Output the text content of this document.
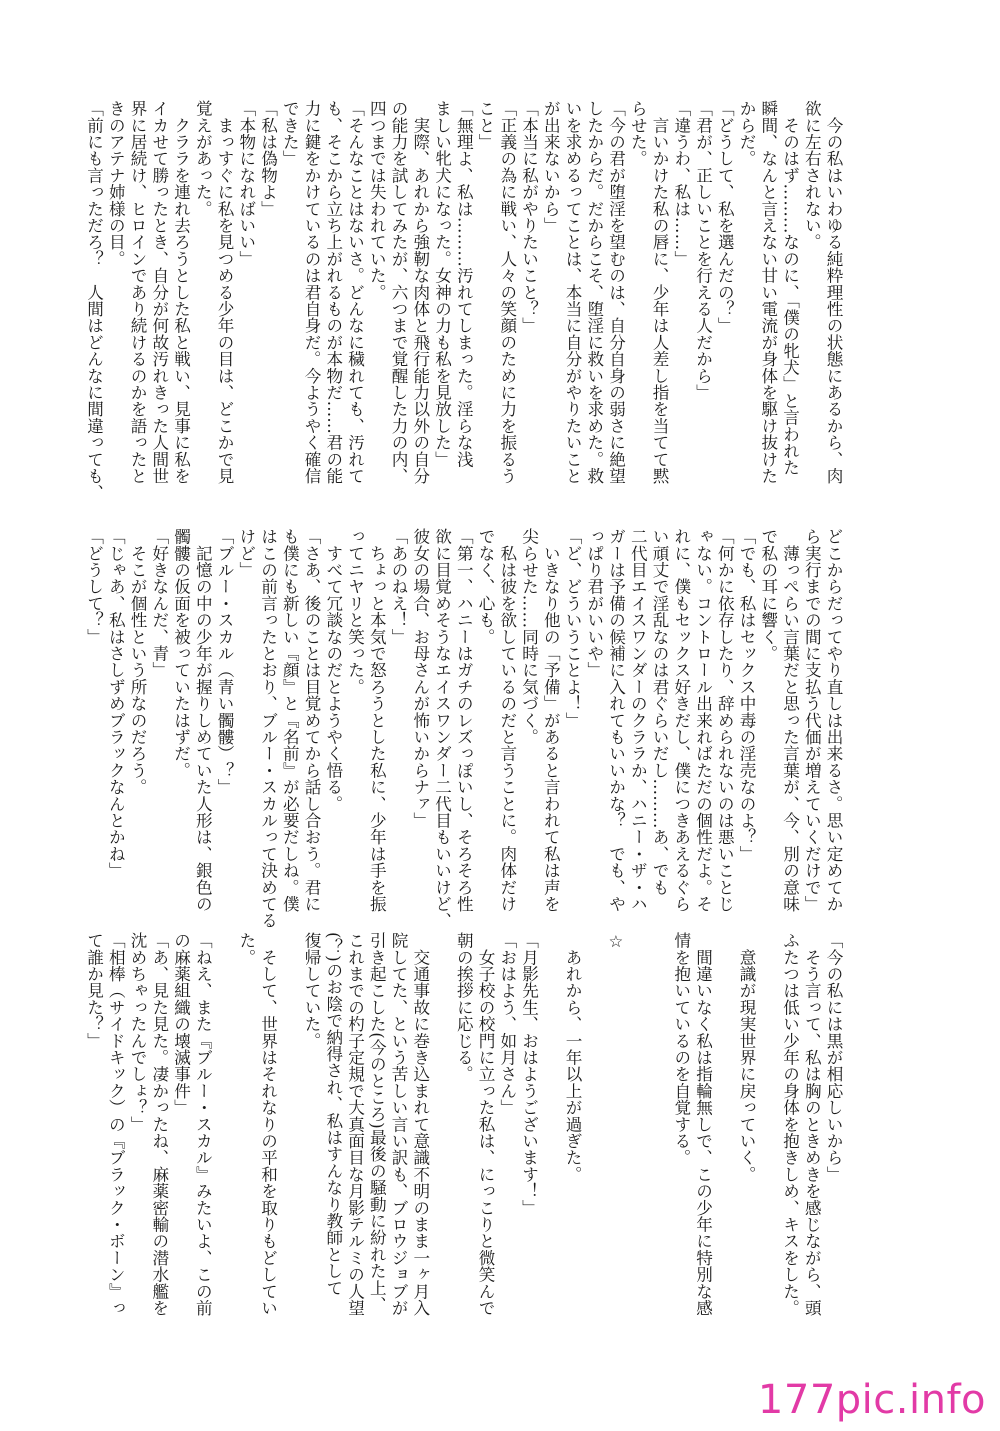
　今の私はいわゆる純粋理性の状態にあるから、肉

欲に左右されない。

　そのはず………なのに、「僕の牝犬」と言われた

瞬間、なんと言えない甘い電流が身体を駆け抜けた

からだ。

「どうして、私を選んだの？」

「君が、正しいことを行える人だから」

「違うわ、私は……」

　言いかけた私の唇に、少年は人差し指を当てて黙

らせた。

「今の君が堕淫を望むのは、自分自身の弱さに絶望

したからだ。だからこそ、堕淫に救いを求めた。救

いを求めるってことは、本当に自分がやりたいこと

が出来ないから」

「本当に私がやりたいこと？」

「正義の為に戦い、人々の笑顔のために力を振るう

こと」

「無理よ、私は………汚れてしまった。淫らな浅

ましい牝犬になった。女神の力も私を見放した」

　実際、あれから強靭な肉体と飛行能力以外の自分

の能力を試してみたが、六つまで覚醒した力の内、

四つまでは失われていた。

「そんなことはないさ。どんなに穢れても、汚れて

も、そこから立ち上がれるものが本物だ……君の能

力に鍵をかけているのは君自身だ。今ようやく確信

できた」

「私は偽物よ」

「本物になればいい」

　まっすぐに私を見つめる少年の目は、どこかで見

覚えがあった。

　クララを連れ去ろうとした私と戦い、見事に私を

イカせて勝ったとき、自分が何故汚れきった人間世

界に居続け、ヒロインであり続けるのかを語ったと

きのアテナ姉様の目。

「前にも言っただろ？　人間はどんなに間違っても、

どこからだってやり直しは出来るさ。思い定めてか

ら実行までの間に支払う代価が増えていくだけで」

　薄っぺらい言葉だと思った言葉が、今、別の意味

で私の耳に響く。

「でも、私はセックス中毒の淫売なのよ？」

「何かに依存したり、辞められないのは悪いことじ

ゃない。コントロール出来ればただの個性だよ。そ

れに、僕もセックス好きだし、僕につきあえるぐら

い頑丈で淫乱なのは君ぐらいだし………あ、でも

二代目エイスワンダーのクララか、ハニー・ザ・ハ

ガーは予備の候補に入れてもいいかな？　でも、や

っぱり君がいいや」

「ど、どういうことよ！」

　いきなり他の「予備」があると言われて私は声を

尖らせた……同時に気づく。

　私は彼を欲しているのだと言うことに。肉体だけ

でなく、心も。

「第一、ハニーはガチのレズっぽいし、そろそろ性

欲に目覚めそうなエイスワンダー二代目もいいけど、

彼女の場合、お母さんが怖いからナァ」

「あのねえ！」

　ちょっと本気で怒ろうとした私に、少年は手を振

ってニヤリと笑った。

　すべて冗談なのだとようやく悟る。

「さあ、後のことは目覚めてから話し合おう。君に

も僕にも新しい『顔』と『名前』が必要だしね。僕

はこの前言ったとおり、ブルー・スカルって決めてる

けど」

「ブルー・スカル（青い髑髏）？」

　記憶の中の少年が握りしめていた人形は、銀色の

髑髏の仮面を被っていたはずだ。

「好きなんだ、青」

　そこが個性という所なのだろう。

「じゃあ、私はさしずめブラックなんとかね」

「どうして？」

「今の私には黒が相応しいから」

　そう言って、私は胸のときめきを感じながら、頭

ふたつは低い少年の身体を抱きしめ、キスをした。

　意識が現実世界に戻っていく。

　間違いなく私は指輪無しで、この少年に特別な感

情を抱いているのを自覚する。

☆

　あれから、一年以上が過ぎた。

「月影先生、おはようございます！」

「おはよう、如月さん」

　女子校の校門に立った私は、にっこりと微笑んで

朝の挨拶に応じる。

　交通事故に巻き込まれて意識不明のまま一ヶ月入

院してた、という苦しい言い訳も、ブロウジョブが

引き起こした(今のところ)最後の騒動に紛れた上、

これまでの杓子定規で大真面目な月影テルミの人望

(？)のお陰で納得され、私はすんなり教師として

復帰していた。

　そして、世界はそれなりの平和を取りもどしてい

た。

「ねえ、また『ブルー・スカル』みたいよ、この前

の麻薬組織の壊滅事件」

「あ、見た見た。凄かったね、麻薬密輸の潜水艦を

沈めちゃったんでしょ？」

「相棒（サイドキック）の『ブラック・ボーン』っ

て誰か見た？」

177pic.info
